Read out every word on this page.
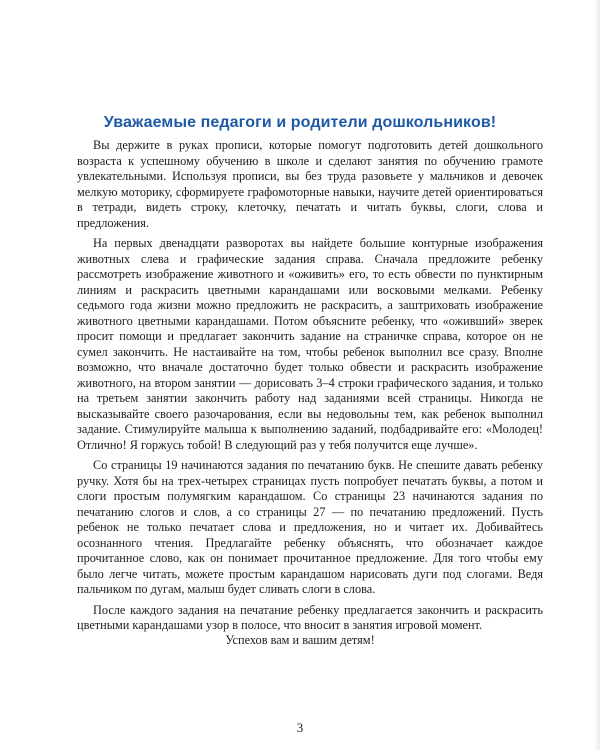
Уважаемые педагоги и родители дошкольников!

Вы держите в руках прописи, которые помогут подготовить детей дошкольного возраста к успешному обучению в школе и сделают занятия по обучению грамоте увлекательными. Используя прописи, вы без труда разовьете у мальчиков и девочек мелкую моторику, сформируете графомоторные навыки, научите детей ориентироваться в тетради, видеть строку, клеточку, печатать и читать буквы, слоги, слова и предложения.

На первых двенадцати разворотах вы найдете большие контурные изображения животных слева и графические задания справа. Сначала предложите ребенку рассмотреть изображение животного и «оживить» его, то есть обвести по пунктирным линиям и раскрасить цветными карандашами или восковыми мелками. Ребенку седьмого года жизни можно предложить не раскрасить, а заштриховать изображение животного цветными карандашами. Потом объясните ребенку, что «оживший» зверек просит помощи и предлагает закончить задание на страничке справа, которое он не сумел закончить. Не настаивайте на том, чтобы ребенок выполнил все сразу. Вполне возможно, что вначале достаточно будет только обвести и раскрасить изображение животного, на втором занятии — дорисовать 3–4 строки графического задания, и только на третьем занятии закончить работу над заданиями всей страницы. Никогда не высказывайте своего разочарования, если вы недовольны тем, как ребенок выполнил задание. Стимулируйте малыша к выполнению заданий, подбадривайте его: «Молодец! Отлично! Я горжусь тобой! В следующий раз у тебя получится еще лучше».

Со страницы 19 начинаются задания по печатанию букв. Не спешите давать ребенку ручку. Хотя бы на трех-четырех страницах пусть попробует печатать буквы, а потом и слоги простым полумягким карандашом. Со страницы 23 начинаются задания по печатанию слогов и слов, а со страницы 27 — по печатанию предложений. Пусть ребенок не только печатает слова и предложения, но и читает их. Добивайтесь осознанного чтения. Предлагайте ребенку объяснять, что обозначает каждое прочитанное слово, как он понимает прочитанное предложение. Для того чтобы ему было легче читать, можете простым карандашом нарисовать дуги под слогами. Ведя пальчиком по дугам, малыш будет сливать слоги в слова.

После каждого задания на печатание ребенку предлагается закончить и раскрасить цветными карандашами узор в полосе, что вносит в занятия игровой момент.

Успехов вам и вашим детям!
3
